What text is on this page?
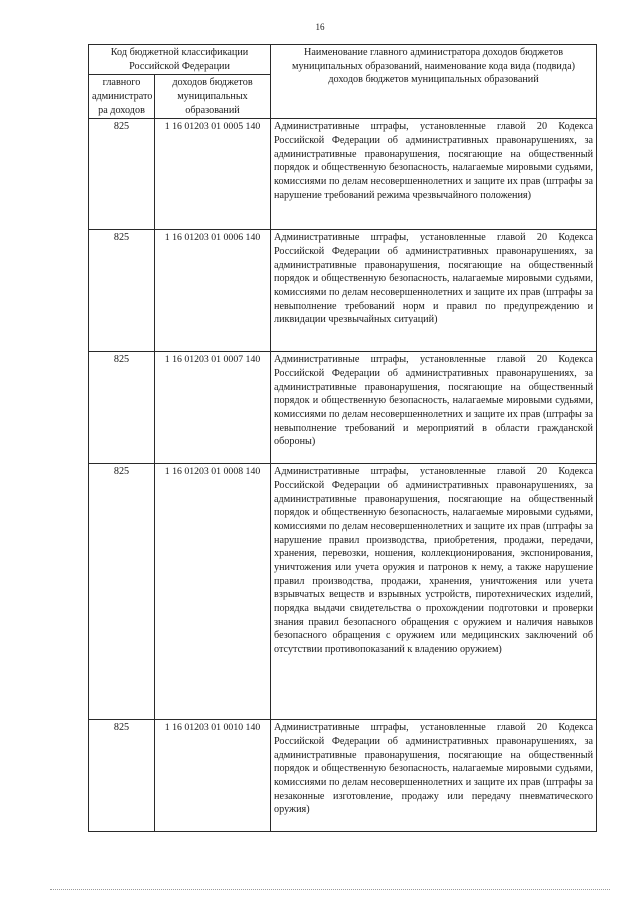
16
Код бюджетной классификации Российской Федерации		Наименование главного администратора доходов бюджетов муниципальных образований, наименование кода вида (подвида) доходов бюджетов муниципальных образований
главного администрато ра доходов	доходов бюджетов муниципальных образований	
825	1 16 01203 01 0005 140	Административные штрафы, установленные главой 20 Кодекса Российской Федерации об административных правонарушениях, за административные правонарушения, посягающие на общественный порядок и общественную безопасность, налагаемые мировыми судьями, комиссиями по делам несовершеннолетних и защите их прав (штрафы за нарушение требований режима чрезвычайного положения)
825	1 16 01203 01 0006 140	Административные штрафы, установленные главой 20 Кодекса Российской Федерации об административных правонарушениях, за административные правонарушения, посягающие на общественный порядок и общественную безопасность, налагаемые мировыми судьями, комиссиями по делам несовершеннолетних и защите их прав (штрафы за невыполнение требований норм и правил по предупреждению и ликвидации чрезвычайных ситуаций)
825	1 16 01203 01 0007 140	Административные штрафы, установленные главой 20 Кодекса Российской Федерации об административных правонарушениях, за административные правонарушения, посягающие на общественный порядок и общественную безопасность, налагаемые мировыми судьями, комиссиями по делам несовершеннолетних и защите их прав (штрафы за невыполнение требований и мероприятий в области гражданской обороны)
825	1 16 01203 01 0008 140	Административные штрафы, установленные главой 20 Кодекса Российской Федерации об административных правонарушениях, за административные правонарушения, посягающие на общественный порядок и общественную безопасность, налагаемые мировыми судьями, комиссиями по делам несовершеннолетних и защите их прав (штрафы за нарушение правил производства, приобретения, продажи, передачи, хранения, перевозки, ношения, коллекционирования, экспонирования, уничтожения или учета оружия и патронов к нему, а также нарушение правил производства, продажи, хранения, уничтожения или учета взрывчатых веществ и взрывных устройств, пиротехнических изделий, порядка выдачи свидетельства о прохождении подготовки и проверки знания правил безопасного обращения с оружием и наличия навыков безопасного обращения с оружием или медицинских заключений об отсутствии противопоказаний к владению оружием)
825	1 16 01203 01 0010 140	Административные штрафы, установленные главой 20 Кодекса Российской Федерации об административных правонарушениях, за административные правонарушения, посягающие на общественный порядок и общественную безопасность, налагаемые мировыми судьями, комиссиями по делам несовершеннолетних и защите их прав (штрафы за незаконные изготовление, продажу или передачу пневматического оружия)
